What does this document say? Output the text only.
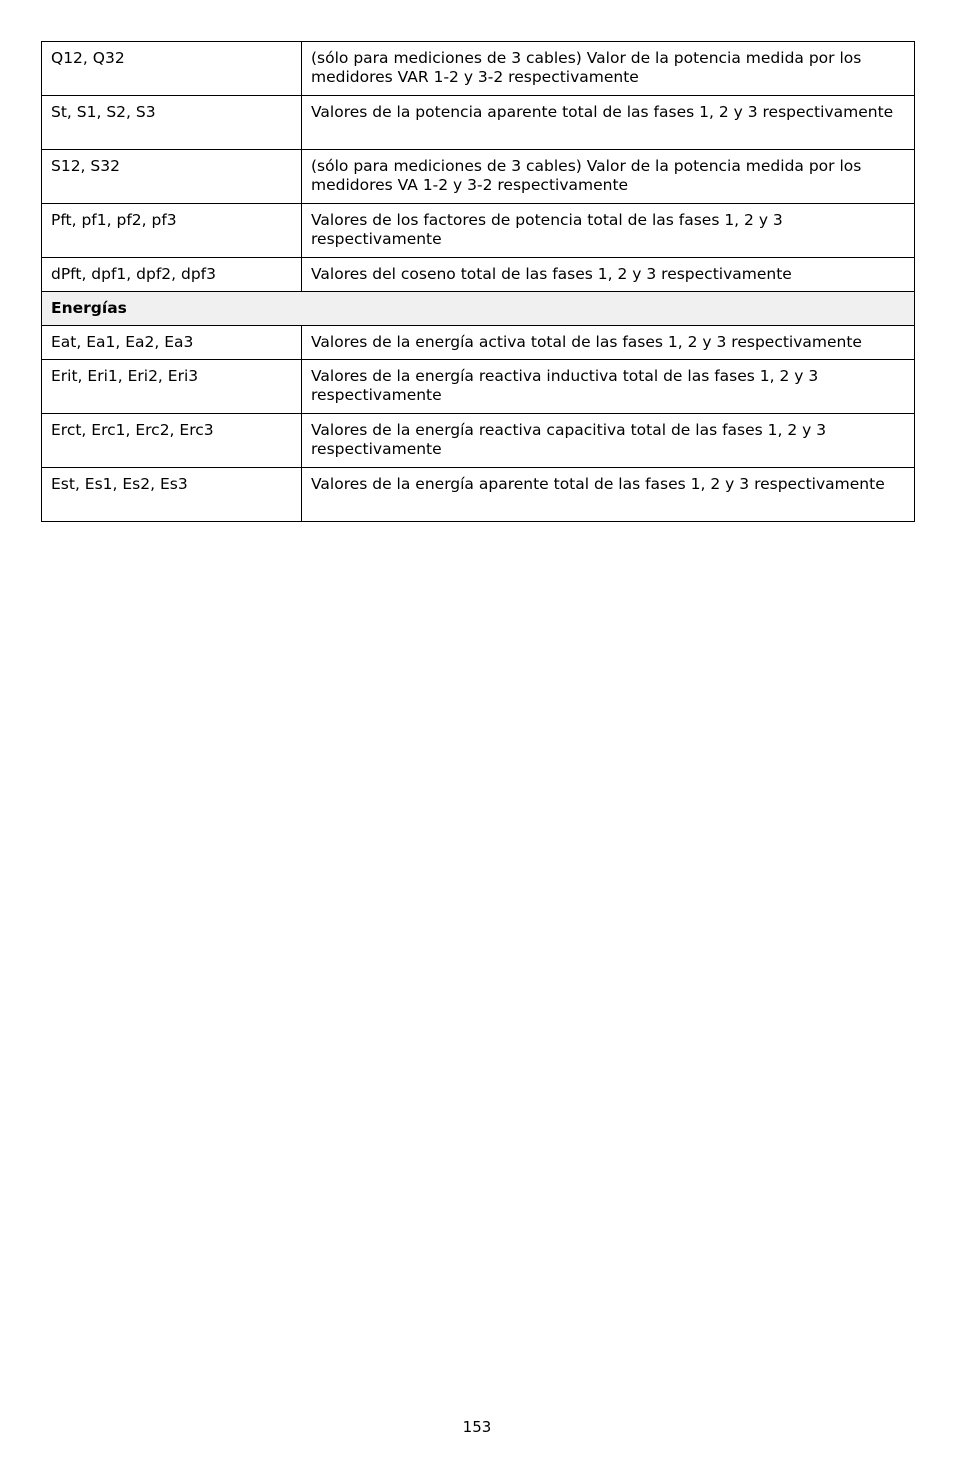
Q12, Q32	(sólo para mediciones de 3 cables) Valor de la potencia medida por los medidores VAR 1-2 y 3-2 respectivamente
St, S1, S2, S3	Valores de la potencia aparente total de las fases 1, 2 y 3 respectivamente
S12, S32	(sólo para mediciones de 3 cables) Valor de la potencia medida por los medidores VA 1-2 y 3-2 respectivamente
Pft, pf1, pf2, pf3	Valores de los factores de potencia total de las fases 1, 2 y 3 respectivamente
dPft, dpf1, dpf2, dpf3	Valores del coseno total de las fases 1, 2 y 3 respectivamente
Energías	
Eat, Ea1, Ea2, Ea3	Valores de la energía activa total de las fases 1, 2 y 3 respectivamente
Erit, Eri1, Eri2, Eri3	Valores de la energía reactiva inductiva total de las fases 1, 2 y 3 respectivamente
Erct, Erc1, Erc2, Erc3	Valores de la energía reactiva capacitiva total de las fases 1, 2 y 3 respectivamente
Est, Es1, Es2, Es3	Valores de la energía aparente total de las fases 1, 2 y 3 respectivamente
153
